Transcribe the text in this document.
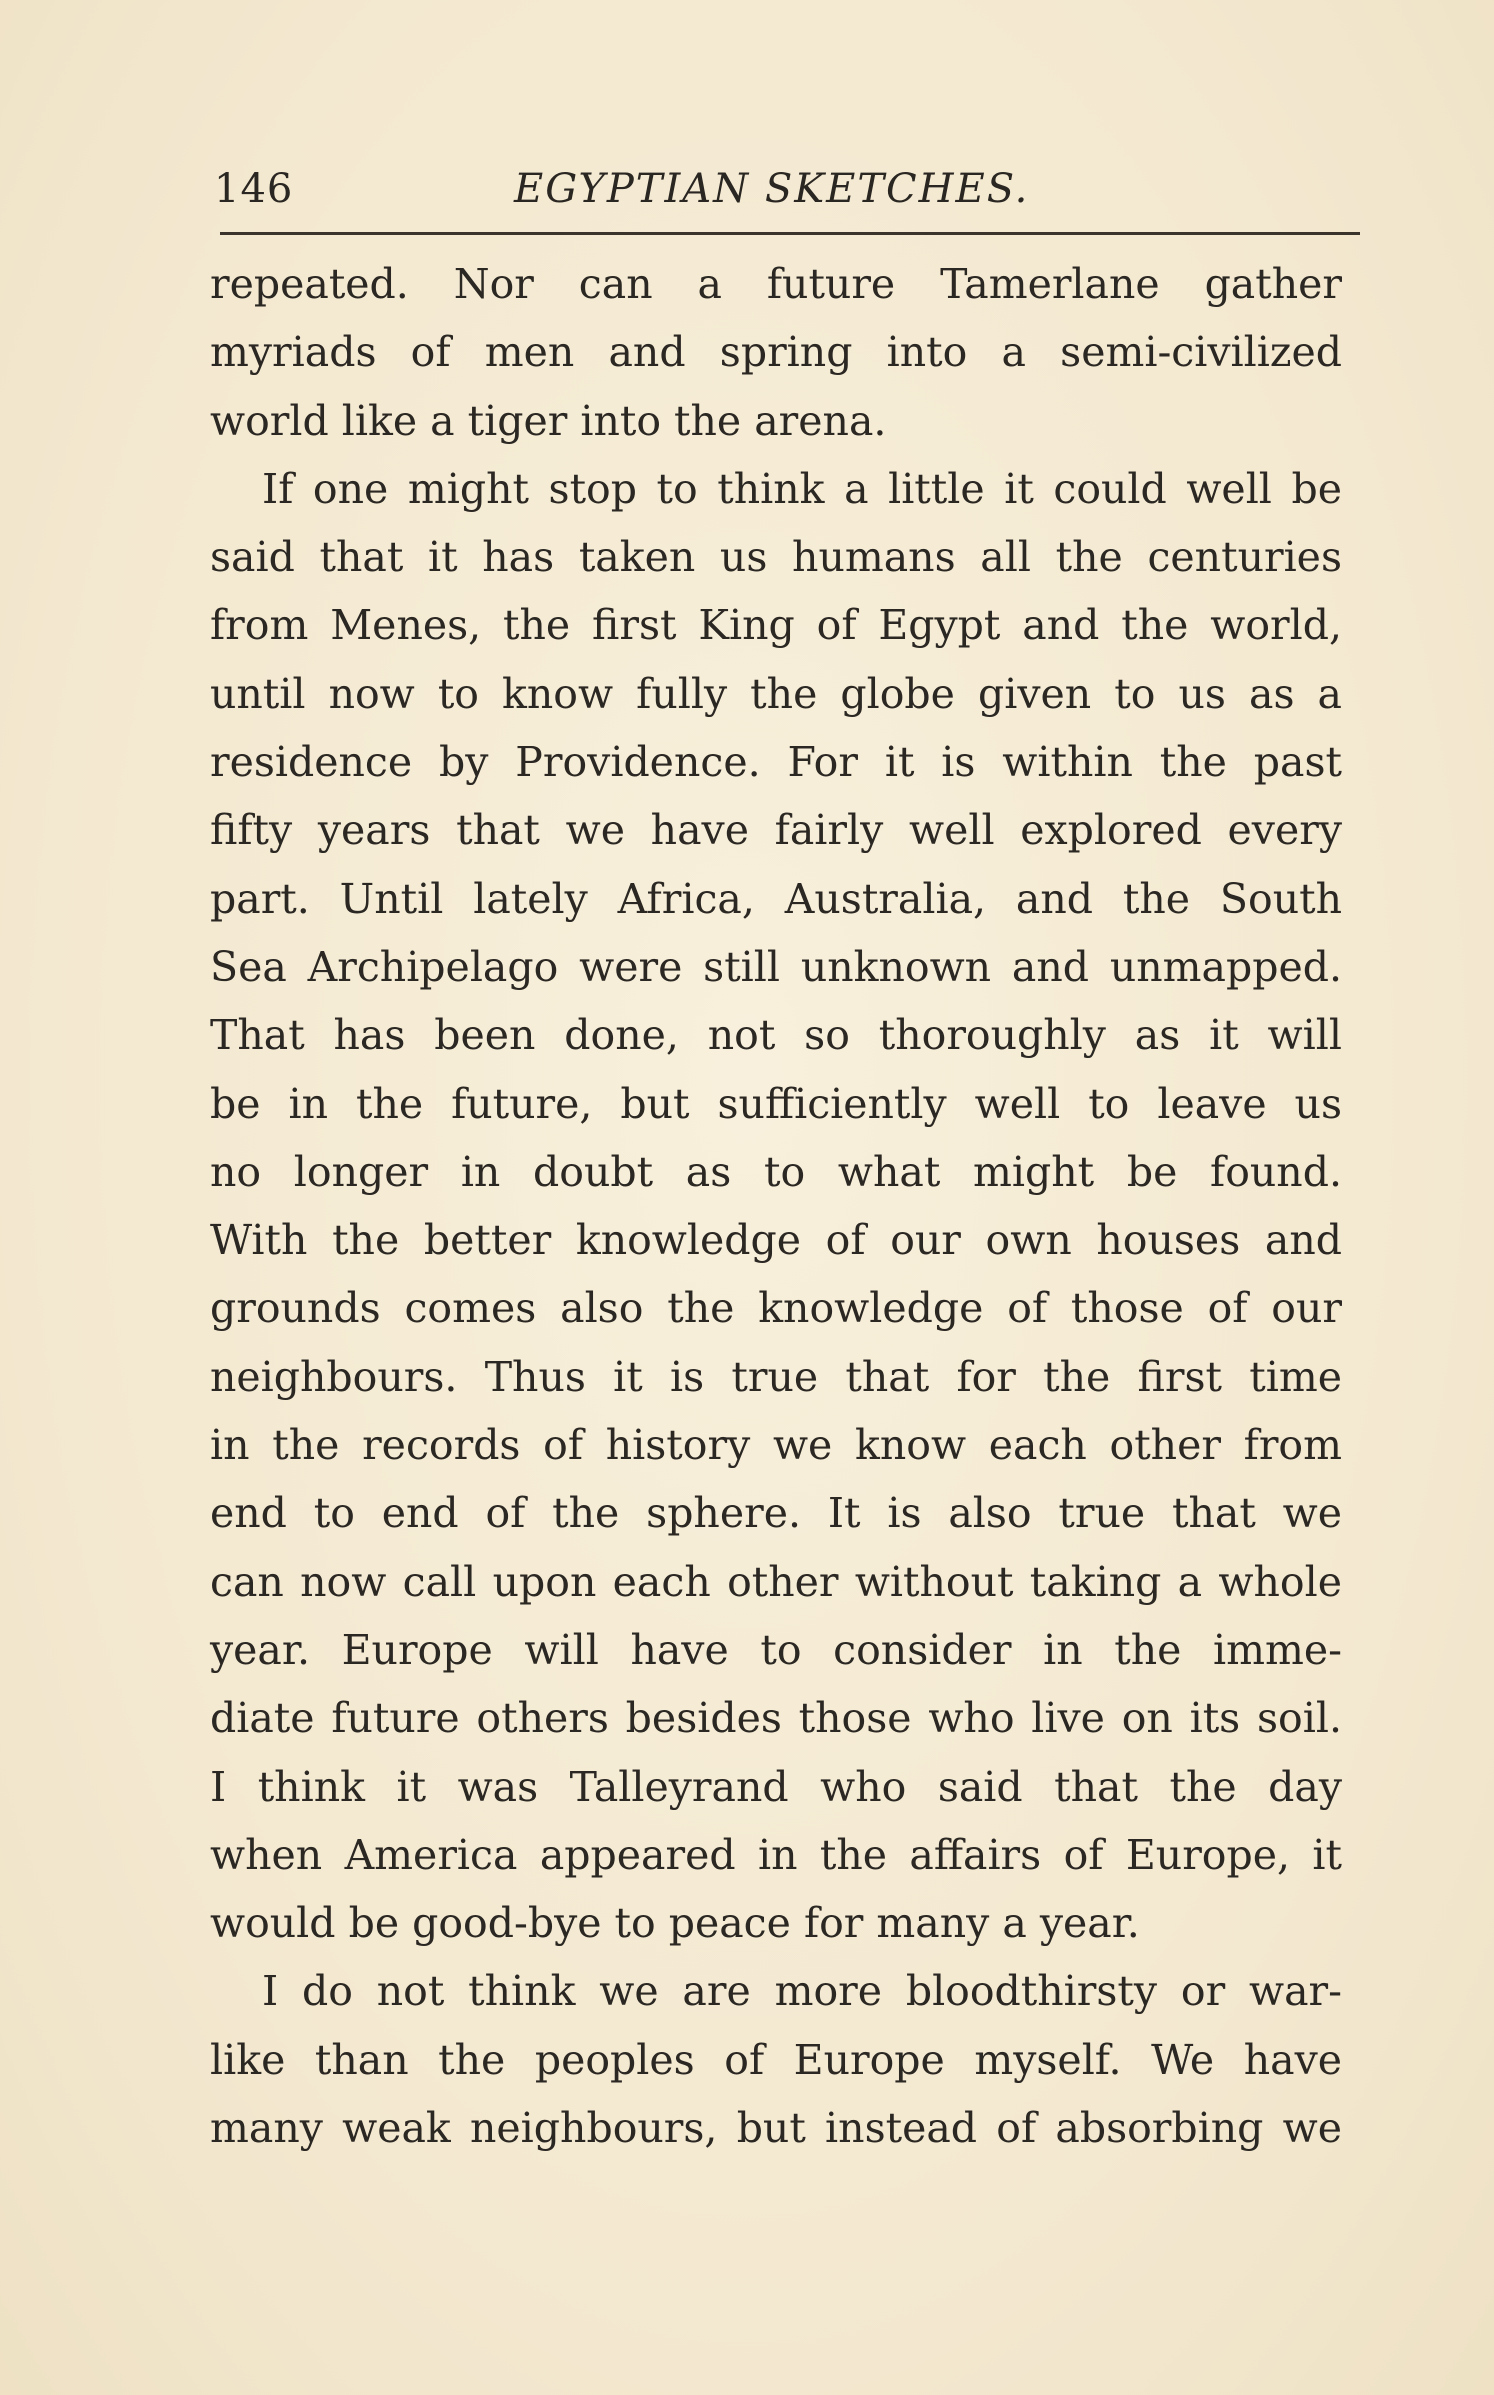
146	EGYPTIAN SKETCHES.
repeated. Nor can a future Tamerlane gather
myriads of men and spring into a semi-civilized
world like a tiger into the arena.
If one might stop to think a little it could well be
said that it has taken us humans all the centuries
from Menes, the first King of Egypt and the world,
until now to know fully the globe given to us as a
residence by Providence. For it is within the past
fifty years that we have fairly well explored every
part. Until lately Africa, Australia, and the South
Sea Archipelago were still unknown and unmapped.
That has been done, not so thoroughly as it will
be in the future, but sufficiently well to leave us
no longer in doubt as to what might be found.
With the better knowledge of our own houses and
grounds comes also the knowledge of those of our
neighbours. Thus it is true that for the first time
in the records of history we know each other from
end to end of the sphere. It is also true that we
can now call upon each other without taking a whole
year. Europe will have to consider in the imme-
diate future others besides those who live on its soil.
I think it was Talleyrand who said that the day
when America appeared in the affairs of Europe, it
would be good-bye to peace for many a year.
I do not think we are more bloodthirsty or war-
like than the peoples of Europe myself. We have
many weak neighbours, but instead of absorbing we
